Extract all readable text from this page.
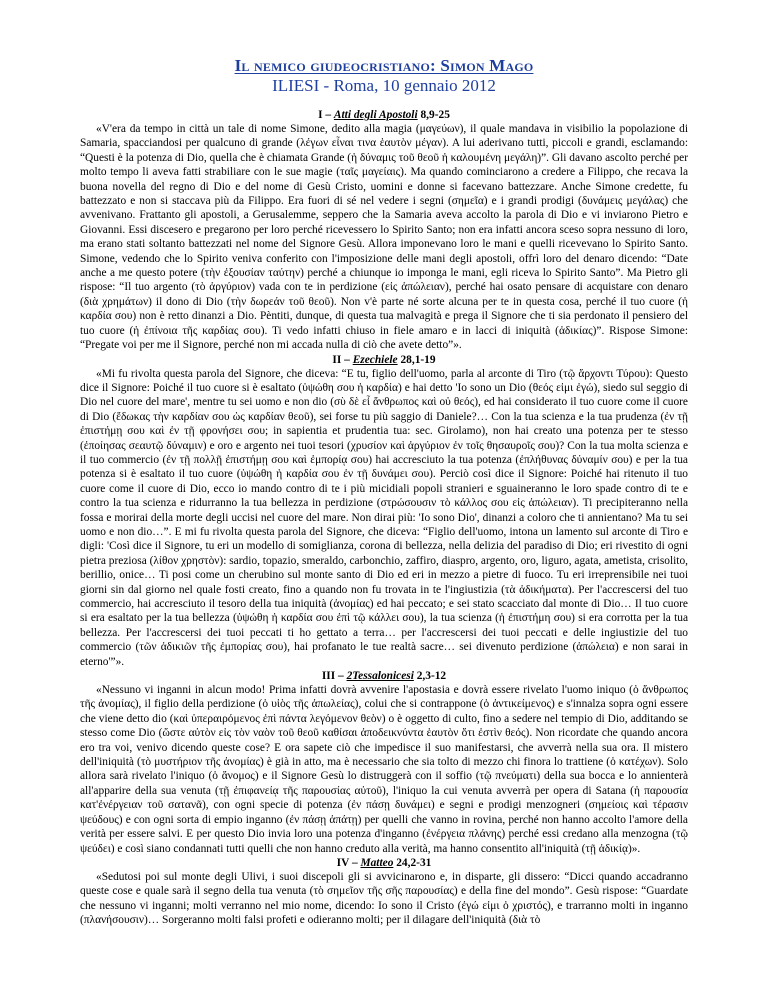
Il nemico giudeocristiano: Simon Mago
ILIESI - Roma, 10 gennaio 2012
I – Atti degli Apostoli 8,9-25

«V'era da tempo in città un tale di nome Simone, dedito alla magia (μαγεύων), il quale mandava in visibilio la popolazione di Samaria, spacciandosi per qualcuno di grande (λέγων εἶναι τινα ἑαυτὸν μέγαν). A lui aderivano tutti, piccoli e grandi, esclamando: “Questi è la potenza di Dio, quella che è chiamata Grande (ἡ δύναμις τοῦ θεοῦ ἡ καλουμένη μεγάλη)”. Gli davano ascolto perché per molto tempo li aveva fatti strabiliare con le sue magie (ταῖς μαγείαις). Ma quando cominciarono a credere a Filippo, che recava la buona novella del regno di Dio e del nome di Gesù Cristo, uomini e donne si facevano battezzare. Anche Simone credette, fu battezzato e non si staccava più da Filippo. Era fuori di sé nel vedere i segni (σημεῖα) e i grandi prodigi (δυνάμεις μεγάλας) che avvenivano. Frattanto gli apostoli, a Gerusalemme, seppero che la Samaria aveva accolto la parola di Dio e vi inviarono Pietro e Giovanni. Essi discesero e pregarono per loro perché ricevessero lo Spirito Santo; non era infatti ancora sceso sopra nessuno di loro, ma erano stati soltanto battezzati nel nome del Signore Gesù. Allora imponevano loro le mani e quelli ricevevano lo Spirito Santo. Simone, vedendo che lo Spirito veniva conferito con l'imposizione delle mani degli apostoli, offrì loro del denaro dicendo: “Date anche a me questo potere (τὴν ἐξουσίαν ταύτην) perché a chiunque io imponga le mani, egli riceva lo Spirito Santo”. Ma Pietro gli rispose: “Il tuo argento (τὸ ἀργύριον) vada con te in perdizione (εἰς ἀπώλειαν), perché hai osato pensare di acquistare con denaro (διὰ χρημάτων) il dono di Dio (τὴν δωρεάν τοῦ θεοῦ). Non v'è parte né sorte alcuna per te in questa cosa, perché il tuo cuore (ἡ καρδία σου) non è retto dinanzi a Dio. Pèntiti, dunque, di questa tua malvagità e prega il Signore che ti sia perdonato il pensiero del tuo cuore (ἡ ἐπίνοια τῆς καρδίας σου). Ti vedo infatti chiuso in fiele amaro e in lacci di iniquità (ἀδικίας)”. Rispose Simone: “Pregate voi per me il Signore, perché non mi accada nulla di ciò che avete detto”».

II – Ezechiele 28,1-19

«Mi fu rivolta questa parola del Signore, che diceva: “E tu, figlio dell'uomo, parla al arconte di Tiro (τῷ ἄρχοντι Τύρου): Questo dice il Signore: Poiché il tuo cuore si è esaltato (ὑψώθη σου ἡ καρδία) e hai detto 'Io sono un Dio (θεός εἰμι ἐγώ), siedo sul seggio di Dio nel cuore del mare', mentre tu sei uomo e non dio (σὺ δὲ εἶ ἄνθρωπος καὶ οὐ θεός), ed hai considerato il tuo cuore come il cuore di Dio (ἔδωκας τὴν καρδίαν σου ὡς καρδίαν θεοῦ), sei forse tu più saggio di Daniele?… Con la tua scienza e la tua prudenza (ἐν τῇ ἐπιστήμῃ σου καὶ ἐν τῇ φρονήσει σου; in sapientia et prudentia tua: sec. Girolamo), non hai creato una potenza per te stesso (ἐποίησας σεαυτῷ δύναμιν) e oro e argento nei tuoi tesori (χρυσίον καὶ ἀργύριον ἐν τοῖς θησαυροῖς σου)? Con la tua molta scienza e il tuo commercio (ἐν τῇ πολλῇ ἐπιστήμῃ σου καὶ ἐμπορίᾳ σου) hai accresciuto la tua potenza (ἐπλήθυνας δύναμίν σου) e per la tua potenza si è esaltato il tuo cuore (ὑψώθη ἡ καρδία σου ἐν τῇ δυνάμει σου). Perciò così dice il Signore: Poiché hai ritenuto il tuo cuore come il cuore di Dio, ecco io mando contro di te i più micidiali popoli stranieri e sguaineranno le loro spade contro di te e contro la tua scienza e ridurranno la tua bellezza in perdizione (στρώσουσιν τὸ κάλλος σου εἰς ἀπώλειαν). Ti precipiteranno nella fossa e morirai della morte degli uccisi nel cuore del mare. Non dirai più: 'Io sono Dio', dinanzi a coloro che ti annientano? Ma tu sei uomo e non dio…”. E mi fu rivolta questa parola del Signore, che diceva: “Figlio dell'uomo, intona un lamento sul arconte di Tiro e digli: 'Così dice il Signore, tu eri un modello di somiglianza, corona di bellezza, nella delizia del paradiso di Dio; eri rivestito di ogni pietra preziosa (λίθον χρηστὸν): sardio, topazio, smeraldo, carbonchio, zaffiro, diaspro, argento, oro, liguro, agata, ametista, crisolito, berillio, onice… Ti posi come un cherubino sul monte santo di Dio ed eri in mezzo a pietre di fuoco. Tu eri irreprensibile nei tuoi giorni sin dal giorno nel quale fosti creato, fino a quando non fu trovata in te l'ingiustizia (τὰ ἀδικήματα). Per l'accrescersi del tuo commercio, hai accresciuto il tesoro della tua iniquità (ἀνομίας) ed hai peccato; e sei stato scacciato dal monte di Dio… Il tuo cuore si era esaltato per la tua bellezza (ὑψώθη ἡ καρδία σου ἐπὶ τῷ κάλλει σου), la tua scienza (ἡ ἐπιστήμη σου) si era corrotta per la tua bellezza. Per l'accrescersi dei tuoi peccati ti ho gettato a terra… per l'accrescersi dei tuoi peccati e delle ingiustizie del tuo commercio (τῶν ἀδικιῶν τῆς ἐμπορίας σου), hai profanato le tue realtà sacre… sei divenuto perdizione (ἀπώλεια) e non sarai in eterno'”».

III – 2Tessalonicesi 2,3-12

«Nessuno vi inganni in alcun modo! Prima infatti dovrà avvenire l'apostasia e dovrà essere rivelato l'uomo iniquo (ὁ ἄνθρωπος τῆς ἀνομίας), il figlio della perdizione (ὁ υἱὸς τῆς ἀπωλείας), colui che si contrappone (ὁ ἀντικείμενος) e s'innalza sopra ogni essere che viene detto dio (καὶ ὑπεραιρόμενος ἐπὶ πάντα λεγόμενον θεὸν) o è oggetto di culto, fino a sedere nel tempio di Dio, additando se stesso come Dio (ὥστε αὐτὸν εἰς τὸν ναὸν τοῦ θεοῦ καθίσαι ἀποδεικνύντα ἑαυτὸν ὅτι ἐστὶν θεός). Non ricordate che quando ancora ero tra voi, venivo dicendo queste cose? E ora sapete ciò che impedisce il suo manifestarsi, che avverrà nella sua ora. Il mistero dell'iniquità (τὸ μυστήριον τῆς ἀνομίας) è già in atto, ma è necessario che sia tolto di mezzo chi finora lo trattiene (ὁ κατέχων). Solo allora sarà rivelato l'iniquo (ὁ ἄνομος) e il Signore Gesù lo distruggerà con il soffio (τῷ πνεύματι) della sua bocca e lo annienterà all'apparire della sua venuta (τῇ ἐπιφανείᾳ τῆς παρουσίας αὐτοῦ), l'iniquo la cui venuta avverrà per opera di Satana (ἡ παρουσία κατ'ἐνέργειαν τοῦ σατανᾶ), con ogni specie di potenza (ἐν πάσῃ δυνάμει) e segni e prodigi menzogneri (σημείοις καὶ τέρασιν ψεύδους) e con ogni sorta di empio inganno (ἐν πάσῃ ἀπάτῃ) per quelli che vanno in rovina, perché non hanno accolto l'amore della verità per essere salvi. E per questo Dio invia loro una potenza d'inganno (ἐνέργεια πλάνης) perché essi credano alla menzogna (τῷ ψεύδει) e così siano condannati tutti quelli che non hanno creduto alla verità, ma hanno consentito all'iniquità (τῇ ἀδικίᾳ)».

IV – Matteo 24,2-31

«Sedutosi poi sul monte degli Ulivi, i suoi discepoli gli si avvicinarono e, in disparte, gli dissero: “Dicci quando accadranno queste cose e quale sarà il segno della tua venuta (τὸ σημεῖον τῆς σῆς παρουσίας) e della fine del mondo”. Gesù rispose: “Guardate che nessuno vi inganni; molti verranno nel mio nome, dicendo: Io sono il Cristo (ἐγώ εἰμι ὁ χριστός), e trarranno molti in inganno (πλανήσουσιν)… Sorgeranno molti falsi profeti e odieranno molti; per il dilagare dell'iniquità (διὰ τὸ
